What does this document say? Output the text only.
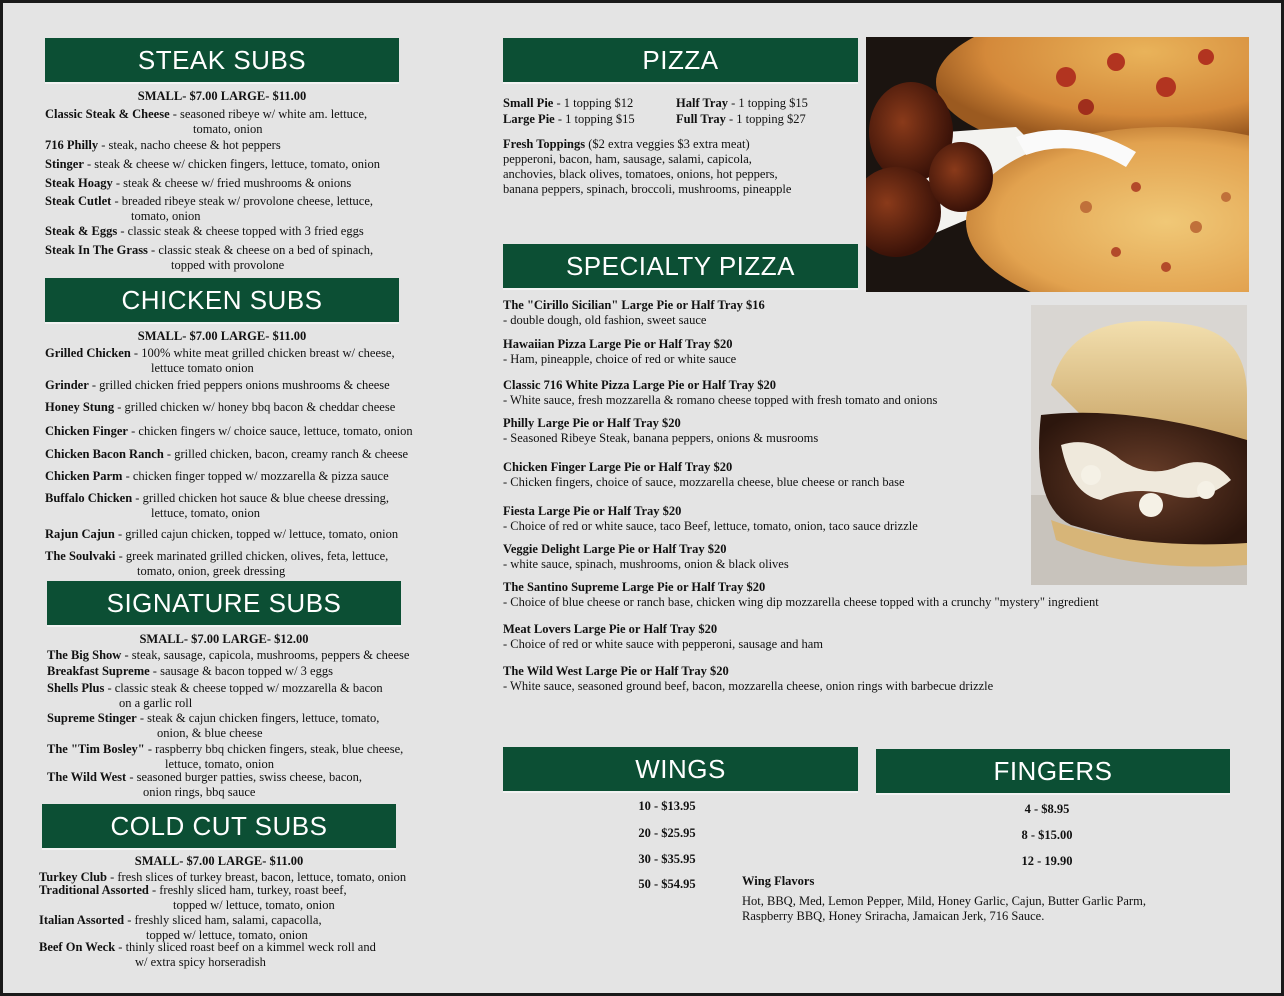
STEAK SUBS
SMALL- $7.00 LARGE- $11.00
Classic Steak & Cheese - seasoned ribeye w/ white am. lettuce,
tomato, onion
716 Philly - steak, nacho cheese & hot peppers
Stinger - steak & cheese w/ chicken fingers, lettuce, tomato, onion
Steak Hoagy - steak & cheese w/ fried mushrooms & onions
Steak Cutlet - breaded ribeye steak w/ provolone cheese, lettuce,
tomato, onion
Steak & Eggs - classic steak & cheese topped with 3 fried eggs
Steak In The Grass - classic steak & cheese on a bed of spinach,
topped with provolone
CHICKEN SUBS
SMALL- $7.00 LARGE- $11.00
Grilled Chicken - 100% white meat grilled chicken breast w/ cheese,
lettuce tomato onion
Grinder - grilled chicken fried peppers onions mushrooms & cheese
Honey Stung - grilled chicken w/ honey bbq bacon & cheddar cheese
Chicken Finger - chicken fingers w/ choice sauce, lettuce, tomato, onion
Chicken Bacon Ranch - grilled chicken, bacon, creamy ranch & cheese
Chicken Parm - chicken finger topped w/ mozzarella & pizza sauce
Buffalo Chicken - grilled chicken hot sauce & blue cheese dressing,
lettuce, tomato, onion
Rajun Cajun - grilled cajun chicken, topped w/ lettuce, tomato, onion
The Soulvaki - greek marinated grilled chicken, olives, feta, lettuce,
tomato, onion, greek dressing
SIGNATURE SUBS
SMALL- $7.00 LARGE- $12.00
The Big Show - steak, sausage, capicola, mushrooms, peppers & cheese
Breakfast Supreme - sausage & bacon topped w/ 3 eggs
Shells Plus - classic steak & cheese topped w/ mozzarella & bacon
on a garlic roll
Supreme Stinger - steak & cajun chicken fingers, lettuce, tomato,
onion, & blue cheese
The "Tim Bosley" - raspberry bbq chicken fingers, steak, blue cheese,
lettuce, tomato, onion
The Wild West - seasoned burger patties, swiss cheese, bacon,
onion rings, bbq sauce
COLD CUT SUBS
SMALL- $7.00 LARGE- $11.00
Turkey Club - fresh slices of turkey breast, bacon, lettuce, tomato, onion
Traditional Assorted - freshly sliced ham, turkey, roast beef,
topped w/ lettuce, tomato, onion
Italian Assorted - freshly sliced ham, salami, capacolla,
topped w/ lettuce, tomato, onion
Beef On Weck - thinly sliced roast beef on a kimmel weck roll and
w/ extra spicy horseradish
PIZZA
Small Pie - 1 topping $12	Half Tray - 1 topping $15
Large Pie - 1 topping $15	Full Tray - 1 topping $27
Fresh Toppings ($2 extra veggies $3 extra meat)
pepperoni, bacon, ham, sausage, salami, capicola,
anchovies, black olives, tomatoes, onions, hot peppers,
banana peppers, spinach, broccoli, mushrooms, pineapple
SPECIALTY PIZZA
The "Cirillo Sicilian" Large Pie or Half Tray $16
- double dough, old fashion, sweet sauce
Hawaiian Pizza Large Pie or Half Tray $20
- Ham, pineapple, choice of red or white sauce
Classic 716 White Pizza Large Pie or Half Tray $20
- White sauce, fresh mozzarella & romano cheese topped with fresh tomato and onions
Philly Large Pie or Half Tray $20
- Seasoned Ribeye Steak, banana peppers, onions & musrooms
Chicken Finger Large Pie or Half Tray $20
- Chicken fingers, choice of sauce, mozzarella cheese, blue cheese or ranch base
Fiesta Large Pie or Half Tray $20
- Choice of red or white sauce, taco Beef, lettuce, tomato, onion, taco sauce drizzle
Veggie Delight Large Pie or Half Tray $20
- white sauce, spinach, mushrooms, onion & black olives
The Santino Supreme Large Pie or Half Tray $20
- Choice of blue cheese or ranch base, chicken wing dip mozzarella cheese topped with a crunchy "mystery" ingredient
Meat Lovers Large Pie or Half Tray $20
- Choice of red or white sauce with pepperoni, sausage and ham
The Wild West Large Pie or Half Tray $20
- White sauce, seasoned ground beef, bacon, mozzarella cheese, onion rings with barbecue drizzle
WINGS
10 - $13.95
20 - $25.95
30 - $35.95
50 - $54.95
FINGERS
4 - $8.95
8 - $15.00
12 - 19.90
Wing Flavors
Hot, BBQ, Med, Lemon Pepper, Mild, Honey Garlic, Cajun, Butter Garlic Parm,
Raspberry BBQ, Honey Sriracha, Jamaican Jerk, 716 Sauce.
